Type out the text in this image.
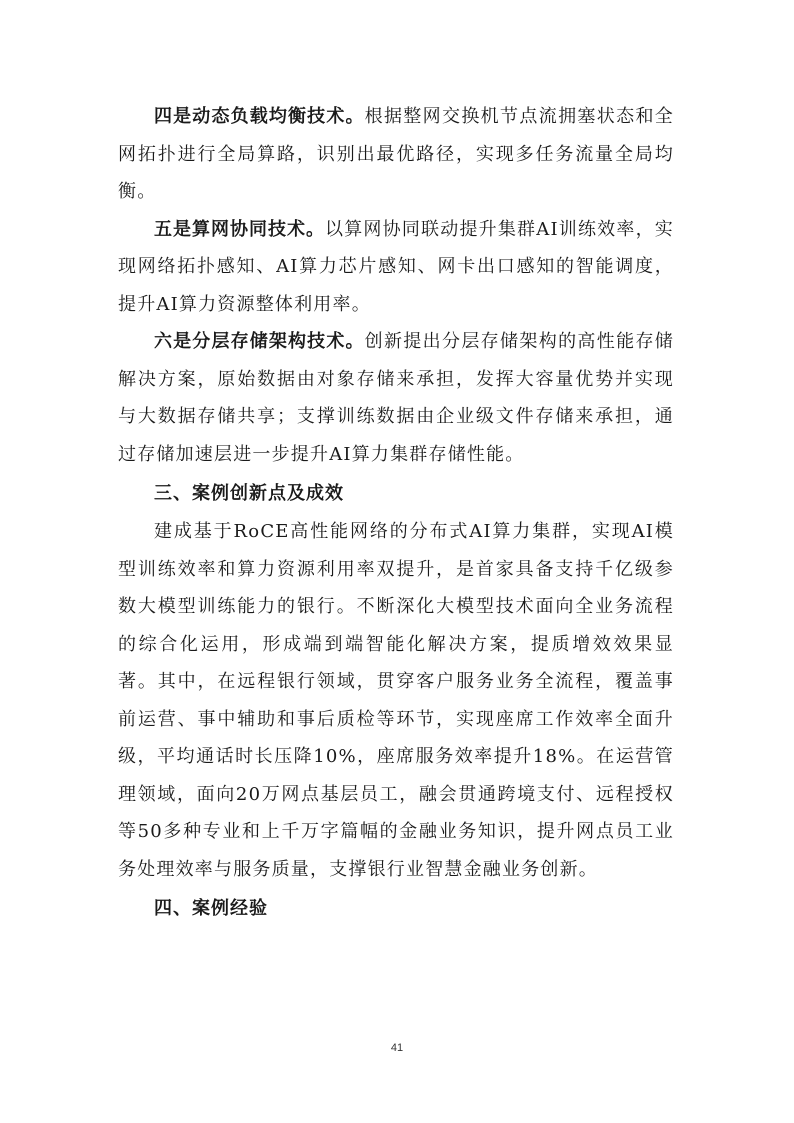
四是动态负载均衡技术。根据整网交换机节点流拥塞状态和全网拓扑进行全局算路，识别出最优路径，实现多任务流量全局均衡。

五是算网协同技术。以算网协同联动提升集群AI训练效率，实现网络拓扑感知、AI算力芯片感知、网卡出口感知的智能调度，提升AI算力资源整体利用率。

六是分层存储架构技术。创新提出分层存储架构的高性能存储解决方案，原始数据由对象存储来承担，发挥大容量优势并实现与大数据存储共享；支撑训练数据由企业级文件存储来承担，通过存储加速层进一步提升AI算力集群存储性能。

三、案例创新点及成效

建成基于RoCE高性能网络的分布式AI算力集群，实现AI模型训练效率和算力资源利用率双提升，是首家具备支持千亿级参数大模型训练能力的银行。不断深化大模型技术面向全业务流程的综合化运用，形成端到端智能化解决方案，提质增效效果显著。其中，在远程银行领域，贯穿客户服务业务全流程，覆盖事前运营、事中辅助和事后质检等环节，实现座席工作效率全面升级，平均通话时长压降10%，座席服务效率提升18%。在运营管理领域，面向20万网点基层员工，融会贯通跨境支付、远程授权等50多种专业和上千万字篇幅的金融业务知识，提升网点员工业务处理效率与服务质量，支撑银行业智慧金融业务创新。

四、案例经验

41
